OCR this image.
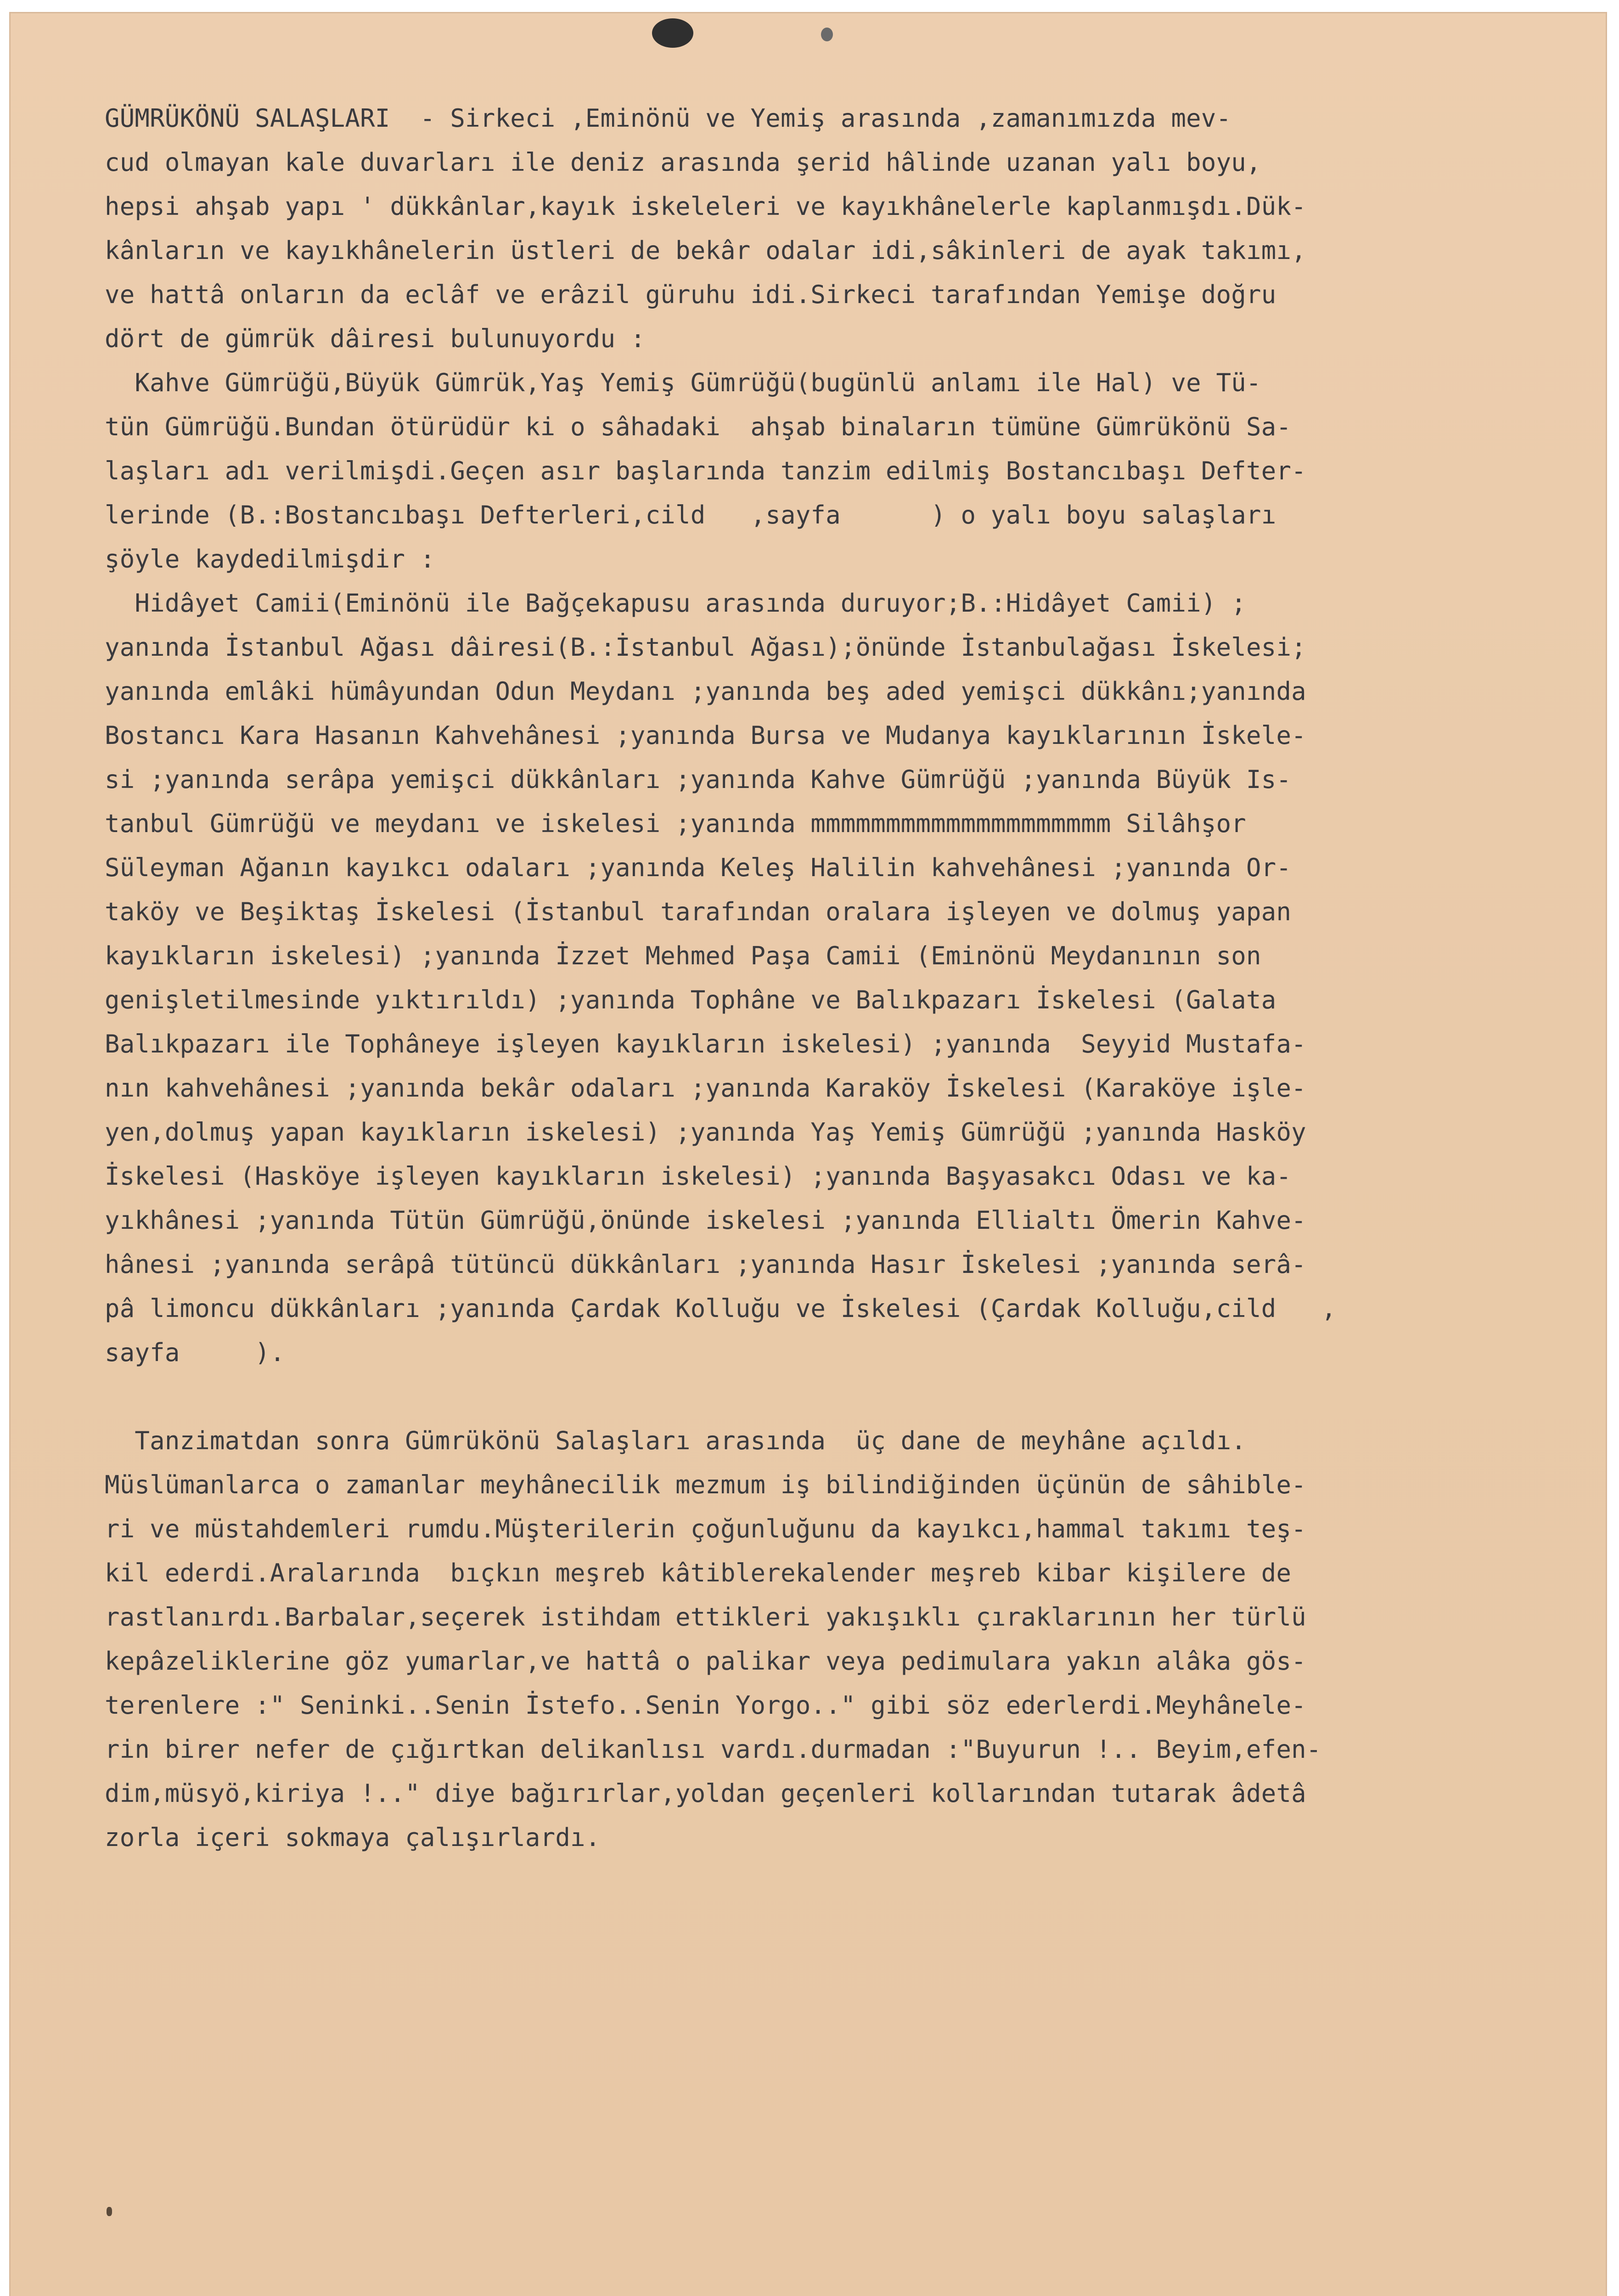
GÜMRÜKÖNÜ SALAŞLARI  - Sirkeci ,Eminönü ve Yemiş arasında ,zamanımızda mev-
cud olmayan kale duvarları ile deniz arasında şerid hâlinde uzanan yalı boyu,
hepsi ahşab yapı ' dükkânlar,kayık iskeleleri ve kayıkhânelerle kaplanmışdı.Dük-
kânların ve kayıkhânelerin üstleri de bekâr odalar idi,sâkinleri de ayak takımı,
ve hattâ onların da eclâf ve erâzil güruhu idi.Sirkeci tarafından Yemişe doğru
dört de gümrük dâiresi bulunuyordu :
Kahve Gümrüğü,Büyük Gümrük,Yaş Yemiş Gümrüğü(bugünlü anlamı ile Hal) ve Tü-
tün Gümrüğü.Bundan ötürüdür ki o sâhadaki  ahşab binaların tümüne Gümrükönü Sa-
laşları adı verilmişdi.Geçen asır başlarında tanzim edilmiş Bostancıbaşı Defter-
lerinde (B.:Bostancıbaşı Defterleri,cild   ,sayfa      ) o yalı boyu salaşları
şöyle kaydedilmişdir :
Hidâyet Camii(Eminönü ile Bağçekapusu arasında duruyor;B.:Hidâyet Camii) ;
yanında İstanbul Ağası dâiresi(B.:İstanbul Ağası);önünde İstanbulağası İskelesi;
yanında emlâki hümâyundan Odun Meydanı ;yanında beş aded yemişci dükkânı;yanında
Bostancı Kara Hasanın Kahvehânesi ;yanında Bursa ve Mudanya kayıklarının İskele-
si ;yanında serâpa yemişci dükkânları ;yanında Kahve Gümrüğü ;yanında Büyük Is-
tanbul Gümrüğü ve meydanı ve iskelesi ;yanında mmmmmmmmmmmmmmmmmmmm Silâhşor
Süleyman Ağanın kayıkcı odaları ;yanında Keleş Halilin kahvehânesi ;yanında Or-
taköy ve Beşiktaş İskelesi (İstanbul tarafından oralara işleyen ve dolmuş yapan
kayıkların iskelesi) ;yanında İzzet Mehmed Paşa Camii (Eminönü Meydanının son
genişletilmesinde yıktırıldı) ;yanında Tophâne ve Balıkpazarı İskelesi (Galata
Balıkpazarı ile Tophâneye işleyen kayıkların iskelesi) ;yanında  Seyyid Mustafa-
nın kahvehânesi ;yanında bekâr odaları ;yanında Karaköy İskelesi (Karaköye işle-
yen,dolmuş yapan kayıkların iskelesi) ;yanında Yaş Yemiş Gümrüğü ;yanında Hasköy
İskelesi (Hasköye işleyen kayıkların iskelesi) ;yanında Başyasakcı Odası ve ka-
yıkhânesi ;yanında Tütün Gümrüğü,önünde iskelesi ;yanında Ellialtı Ömerin Kahve-
hânesi ;yanında serâpâ tütüncü dükkânları ;yanında Hasır İskelesi ;yanında serâ-
pâ limoncu dükkânları ;yanında Çardak Kolluğu ve İskelesi (Çardak Kolluğu,cild   ,
sayfa     ).
Tanzimatdan sonra Gümrükönü Salaşları arasında  üç dane de meyhâne açıldı.
Müslümanlarca o zamanlar meyhânecilik mezmum iş bilindiğinden üçünün de sâhible-
ri ve müstahdemleri rumdu.Müşterilerin çoğunluğunu da kayıkcı,hammal takımı teş-
kil ederdi.Aralarında  bıçkın meşreb kâtiblerekalender meşreb kibar kişilere de
rastlanırdı.Barbalar,seçerek istihdam ettikleri yakışıklı çıraklarının her türlü
kepâzeliklerine göz yumarlar,ve hattâ o palikar veya pedimulara yakın alâka gös-
terenlere :" Seninki..Senin İstefo..Senin Yorgo.." gibi söz ederlerdi.Meyhânele-
rin birer nefer de çığırtkan delikanlısı vardı.durmadan :"Buyurun !.. Beyim,efen-
dim,müsyö,kiriya !.." diye bağırırlar,yoldan geçenleri kollarından tutarak âdetâ
zorla içeri sokmaya çalışırlardı.
